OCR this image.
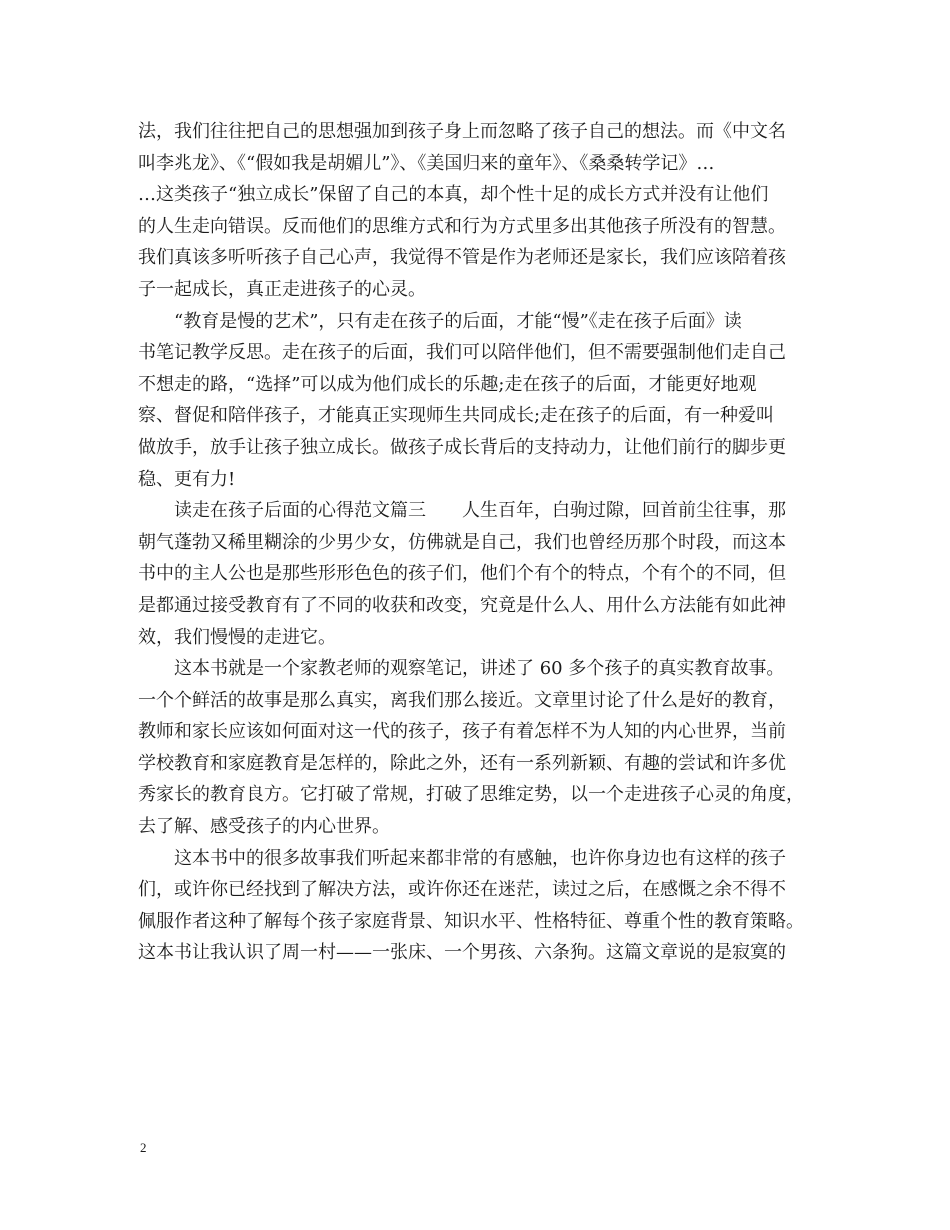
法，我们往往把自己的思想强加到孩子身上而忽略了孩子自己的想法。而《中文名
叫李兆龙》、《“假如我是胡媚儿”》、《美国归来的童年》、《桑桑转学记》…
…这类孩子“独立成长”保留了自己的本真，却个性十足的成长方式并没有让他们
的人生走向错误。反而他们的思维方式和行为方式里多出其他孩子所没有的智慧。
我们真该多听听孩子自己心声，我觉得不管是作为老师还是家长，我们应该陪着孩
子一起成长，真正走进孩子的心灵。

“教育是慢的艺术”，只有走在孩子的后面，才能“慢”《走在孩子后面》读
书笔记教学反思。走在孩子的后面，我们可以陪伴他们，但不需要强制他们走自己
不想走的路，“选择”可以成为他们成长的乐趣;走在孩子的后面，才能更好地观
察、督促和陪伴孩子，才能真正实现师生共同成长;走在孩子的后面，有一种爱叫
做放手，放手让孩子独立成长。做孩子成长背后的支持动力，让他们前行的脚步更
稳、更有力!

读走在孩子后面的心得范文篇三　　人生百年，白驹过隙，回首前尘往事，那
朝气蓬勃又稀里糊涂的少男少女，仿佛就是自己，我们也曾经历那个时段，而这本
书中的主人公也是那些形形色色的孩子们，他们个有个的特点，个有个的不同，但
是都通过接受教育有了不同的收获和改变，究竟是什么人、用什么方法能有如此神
效，我们慢慢的走进它。

这本书就是一个家教老师的观察笔记，讲述了 60 多个孩子的真实教育故事。
一个个鲜活的故事是那么真实，离我们那么接近。文章里讨论了什么是好的教育，
教师和家长应该如何面对这一代的孩子，孩子有着怎样不为人知的内心世界，当前
学校教育和家庭教育是怎样的，除此之外，还有一系列新颖、有趣的尝试和许多优
秀家长的教育良方。它打破了常规，打破了思维定势，以一个走进孩子心灵的角度，
去了解、感受孩子的内心世界。

这本书中的很多故事我们听起来都非常的有感触，也许你身边也有这样的孩子
们，或许你已经找到了解决方法，或许你还在迷茫，读过之后，在感慨之余不得不
佩服作者这种了解每个孩子家庭背景、知识水平、性格特征、尊重个性的教育策略。
这本书让我认识了周一村——一张床、一个男孩、六条狗。这篇文章说的是寂寞的

2
